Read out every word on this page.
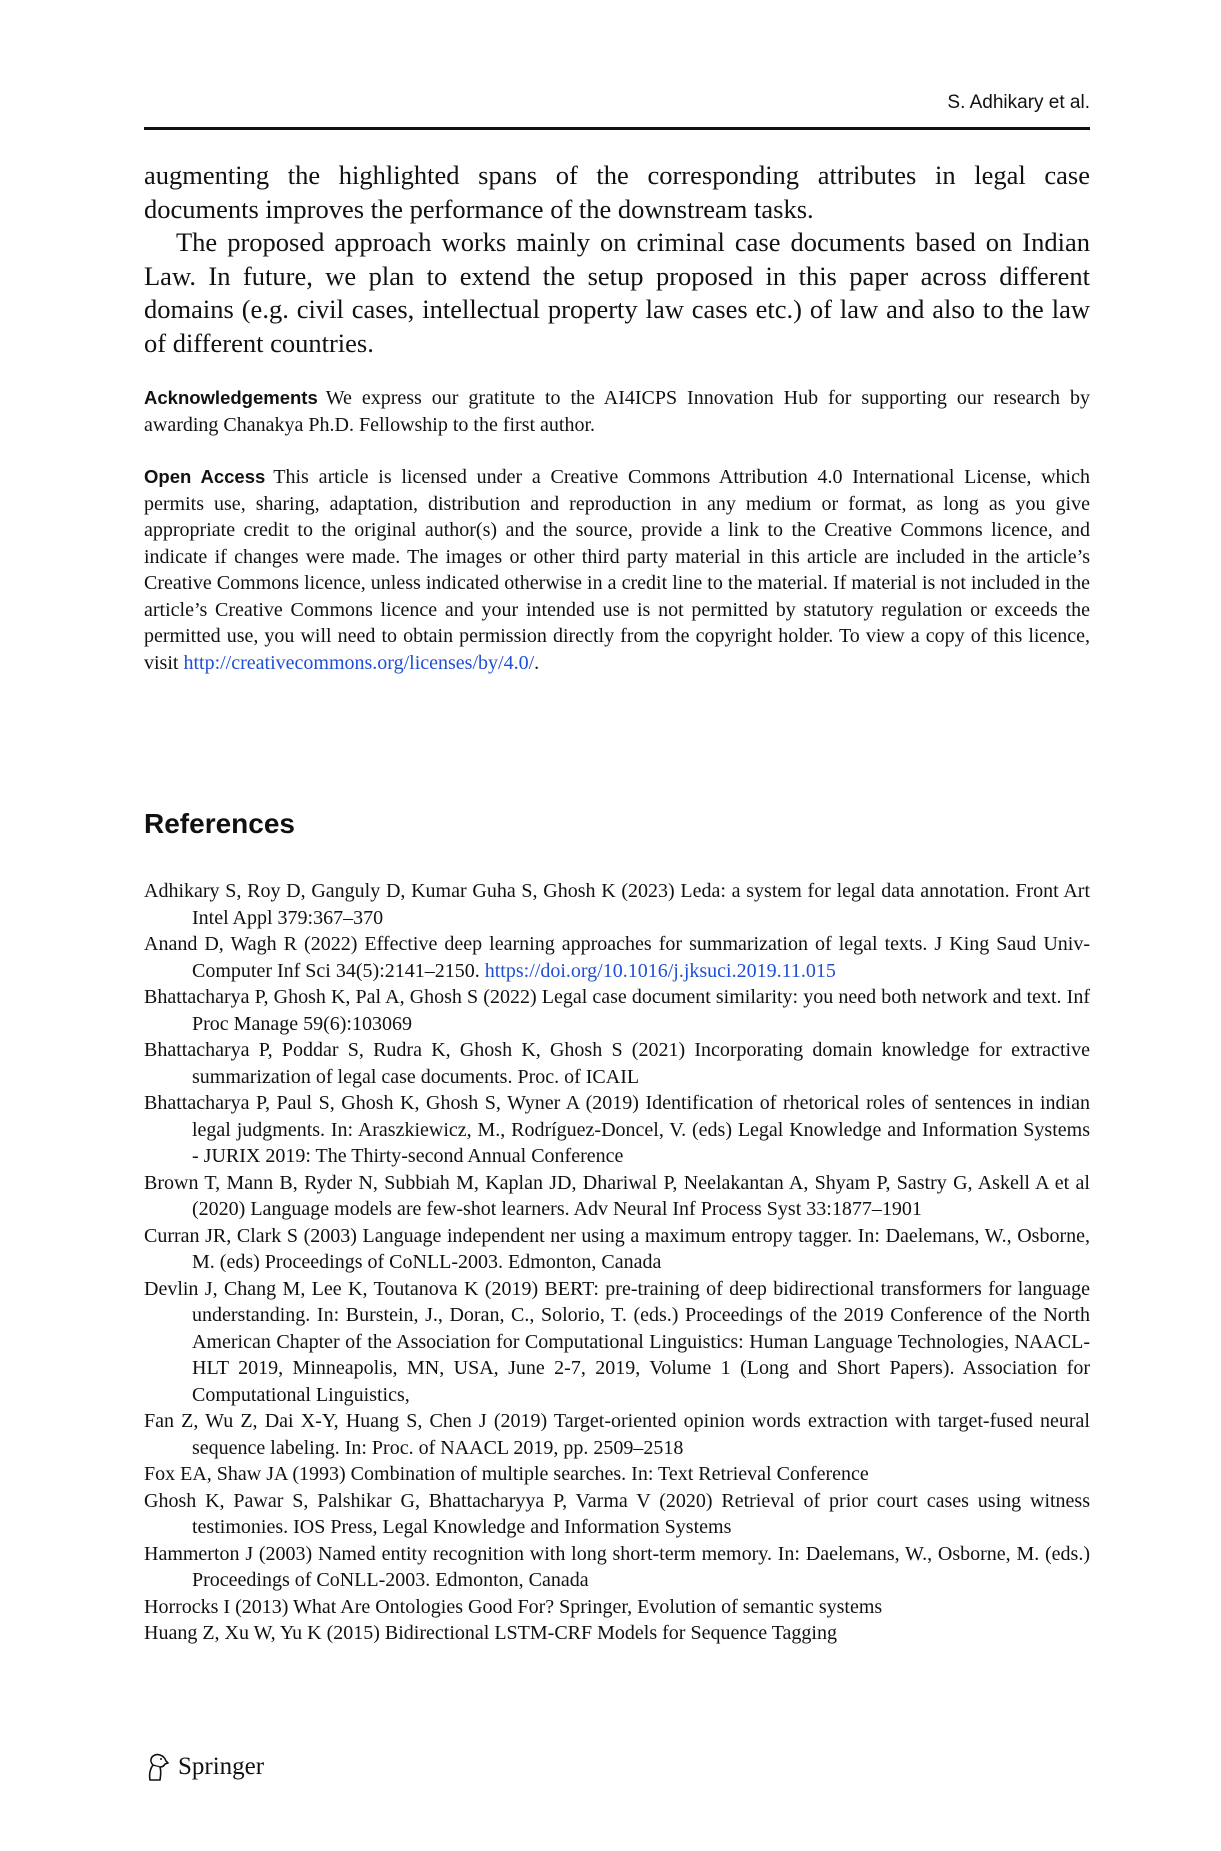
S. Adhikary et al.

augmenting the highlighted spans of the corresponding attributes in legal case documents improves the performance of the downstream tasks.

The proposed approach works mainly on criminal case documents based on Indian Law. In future, we plan to extend the setup proposed in this paper across different domains (e.g. civil cases, intellectual property law cases etc.) of law and also to the law of different countries.

Acknowledgements We express our gratitute to the AI4ICPS Innovation Hub for supporting our research by awarding Chanakya Ph.D. Fellowship to the first author.
Open Access This article is licensed under a Creative Commons Attribution 4.0 International License, which permits use, sharing, adaptation, distribution and reproduction in any medium or format, as long as you give appropriate credit to the original author(s) and the source, provide a link to the Creative Commons licence, and indicate if changes were made. The images or other third party material in this article are included in the article’s Creative Commons licence, unless indicated otherwise in a credit line to the material. If material is not included in the article’s Creative Commons licence and your intended use is not permitted by statutory regulation or exceeds the permitted use, you will need to obtain permission directly from the copyright holder. To view a copy of this licence, visit http://creativecommons.org/licenses/by/4.0/.
References
Adhikary S, Roy D, Ganguly D, Kumar Guha S, Ghosh K (2023) Leda: a system for legal data annotation. Front Art Intel Appl 379:367–370
Anand D, Wagh R (2022) Effective deep learning approaches for summarization of legal texts. J King Saud Univ- Computer Inf Sci 34(5):2141–2150. https://doi.org/10.1016/j.jksuci.2019.11.015
Bhattacharya P, Ghosh K, Pal A, Ghosh S (2022) Legal case document similarity: you need both network and text. Inf Proc Manage 59(6):103069
Bhattacharya P, Poddar S, Rudra K, Ghosh K, Ghosh S (2021) Incorporating domain knowledge for extractive summarization of legal case documents. Proc. of ICAIL
Bhattacharya P, Paul S, Ghosh K, Ghosh S, Wyner A (2019) Identification of rhetorical roles of sentences in indian legal judgments. In: Araszkiewicz, M., Rodríguez-Doncel, V. (eds) Legal Knowledge and Information Systems - JURIX 2019: The Thirty-second Annual Conference
Brown T, Mann B, Ryder N, Subbiah M, Kaplan JD, Dhariwal P, Neelakantan A, Shyam P, Sastry G, Askell A et al (2020) Language models are few-shot learners. Adv Neural Inf Process Syst 33:1877–1901
Curran JR, Clark S (2003) Language independent ner using a maximum entropy tagger. In: Daelemans, W., Osborne, M. (eds) Proceedings of CoNLL-2003. Edmonton, Canada
Devlin J, Chang M, Lee K, Toutanova K (2019) BERT: pre-training of deep bidirectional transformers for language understanding. In: Burstein, J., Doran, C., Solorio, T. (eds.) Proceedings of the 2019 Conference of the North American Chapter of the Association for Computational Linguistics: Human Language Technologies, NAACL-HLT 2019, Minneapolis, MN, USA, June 2-7, 2019, Volume 1 (Long and Short Papers). Association for Computational Linguistics,
Fan Z, Wu Z, Dai X-Y, Huang S, Chen J (2019) Target-oriented opinion words extraction with target-fused neural sequence labeling. In: Proc. of NAACL 2019, pp. 2509–2518
Fox EA, Shaw JA (1993) Combination of multiple searches. In: Text Retrieval Conference
Ghosh K, Pawar S, Palshikar G, Bhattacharyya P, Varma V (2020) Retrieval of prior court cases using witness testimonies. IOS Press, Legal Knowledge and Information Systems
Hammerton J (2003) Named entity recognition with long short-term memory. In: Daelemans, W., Osborne, M. (eds.) Proceedings of CoNLL-2003. Edmonton, Canada
Horrocks I (2013) What Are Ontologies Good For? Springer, Evolution of semantic systems
Huang Z, Xu W, Yu K (2015) Bidirectional LSTM-CRF Models for Sequence Tagging
Springer
